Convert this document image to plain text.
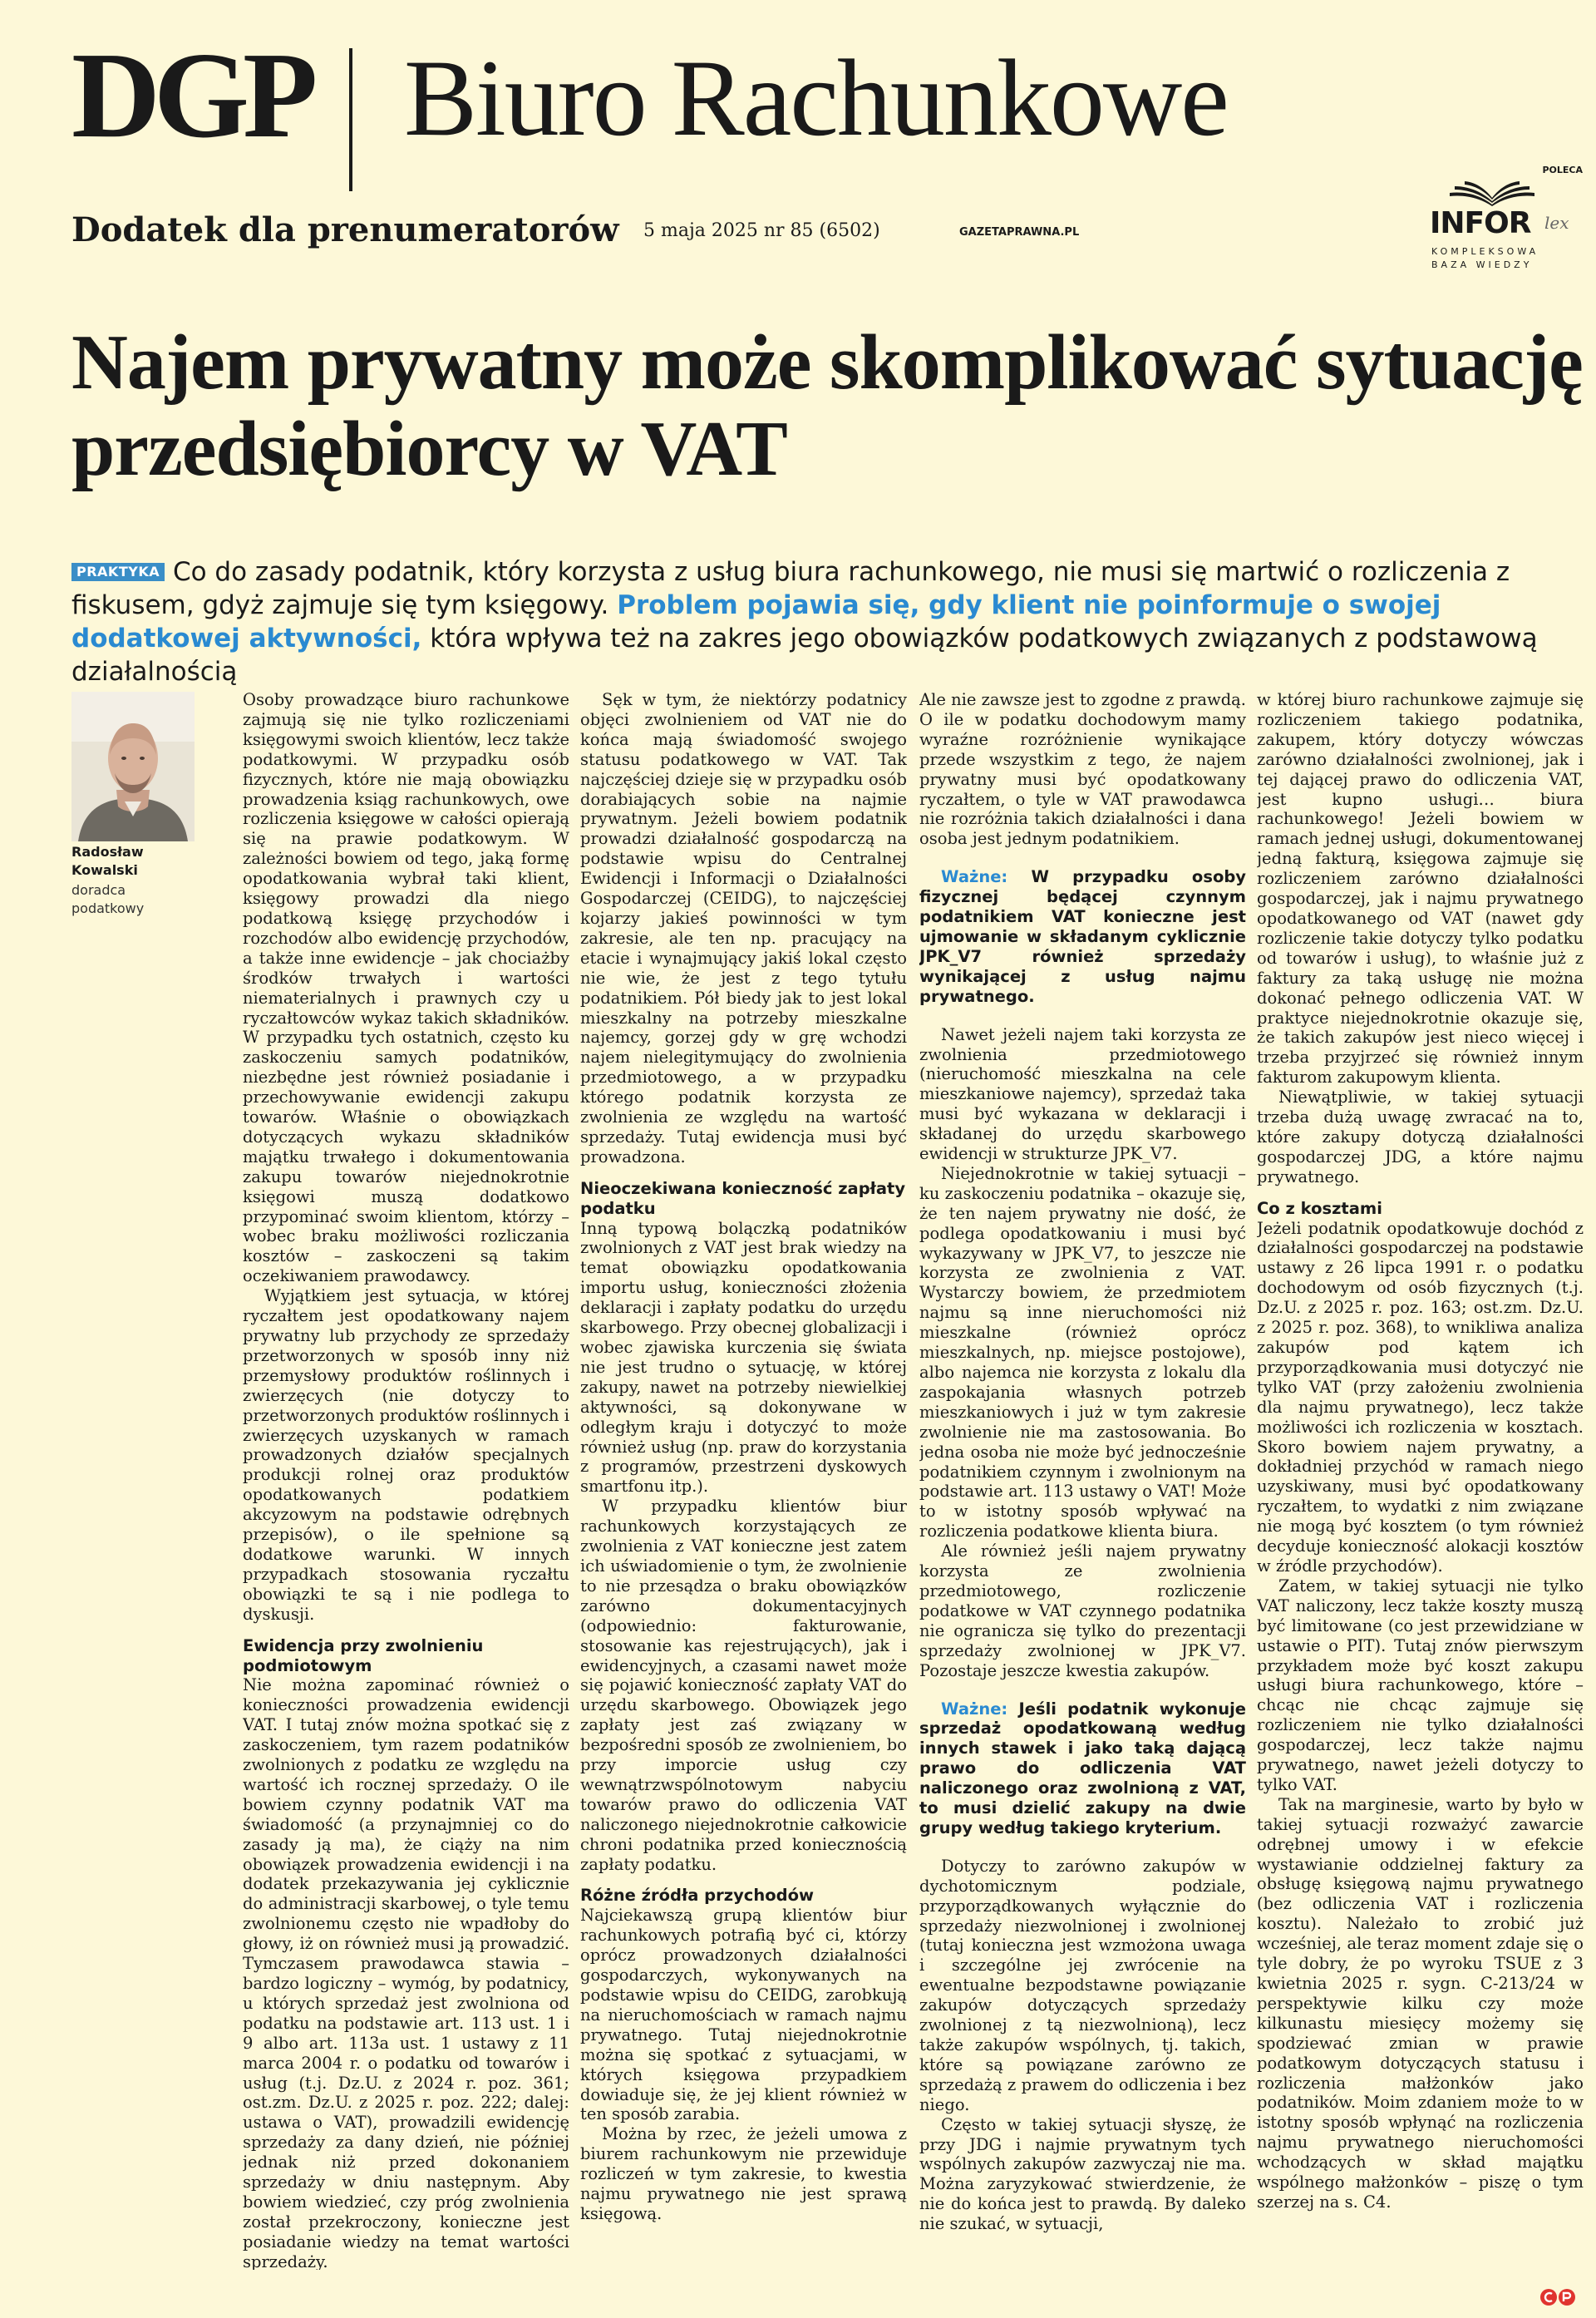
DGP Biuro Rachunkowe
Dodatek dla prenumeratorów 5 maja 2025 nr 85 (6502)	GAZETAPRAWNA.PL
POLECA
INFOR lex
KOMPLEKSOWA
BAZA WIEDZY
Najem prywatny może skomplikować sytuację przedsiębiorcy w VAT

PRAKTYKA Co do zasady podatnik, który korzysta z usług biura rachunkowego, nie musi się martwić o rozliczenia z fiskusem, gdyż zajmuje się tym księgowy. Problem pojawia się, gdy klient nie poinformuje o swojej dodatkowej aktywności, która wpływa też na zakres jego obowiązków podatkowych związanych z podstawową działalnością

Radosław Kowalski
doradca podatkowy

Osoby prowadzące biuro rachunkowe zajmują się nie tylko rozliczeniami księgowymi swoich klientów, lecz także podatkowymi. W przypadku osób fizycznych, które nie mają obowiązku prowadzenia ksiąg rachunkowych, owe rozliczenia księgowe w całości opierają się na prawie podatkowym. W zależności bowiem od tego, jaką formę opodatkowania wybrał taki klient, księgowy prowadzi dla niego podatkową księgę przychodów i rozchodów albo ewidencję przychodów, a także inne ewidencje – jak chociażby środków trwałych i wartości niematerialnych i prawnych czy u ryczałtowców wykaz takich składników. W przypadku tych ostatnich, często ku zaskoczeniu samych podatników, niezbędne jest również posiadanie i przechowywanie ewidencji zakupu towarów. Właśnie o obowiązkach dotyczących wykazu składników majątku trwałego i dokumentowania zakupu towarów niejednokrotnie księgowi muszą dodatkowo przypominać swoim klientom, którzy – wobec braku możliwości rozliczania kosztów – zaskoczeni są takim oczekiwaniem prawodawcy.

Wyjątkiem jest sytuacja, w której ryczałtem jest opodatkowany najem prywatny lub przychody ze sprzedaży przetworzonych w sposób inny niż przemysłowy produktów roślinnych i zwierzęcych (nie dotyczy to przetworzonych produktów roślinnych i zwierzęcych uzyskanych w ramach prowadzonych działów specjalnych produkcji rolnej oraz produktów opodatkowanych podatkiem akcyzowym na podstawie odrębnych przepisów), o ile spełnione są dodatkowe warunki. W innych przypadkach stosowania ryczałtu obowiązki te są i nie podlega to dyskusji.

Ewidencja przy zwolnieniu podmiotowym

Nie można zapominać również o konieczności prowadzenia ewidencji VAT. I tutaj znów można spotkać się z zaskoczeniem, tym razem podatników zwolnionych z podatku ze względu na wartość ich rocznej sprzedaży. O ile bowiem czynny podatnik VAT ma świadomość (a przynajmniej co do zasady ją ma), że ciąży na nim obowiązek prowadzenia ewidencji i na dodatek przekazywania jej cyklicznie do administracji skarbowej, o tyle temu zwolnionemu często nie wpadłoby do głowy, iż on również musi ją prowadzić. Tymczasem prawodawca stawia – bardzo logiczny – wymóg, by podatnicy, u których sprzedaż jest zwolniona od podatku na podstawie art. 113 ust. 1 i 9 albo art. 113a ust. 1 ustawy z 11 marca 2004 r. o podatku od towarów i usług (t.j. Dz.U. z 2024 r. poz. 361; ost.zm. Dz.U. z 2025 r. poz. 222; dalej: ustawa o VAT), prowadzili ewidencję sprzedaży za dany dzień, nie później jednak niż przed dokonaniem sprzedaży w dniu następnym. Aby bowiem wiedzieć, czy próg zwolnienia został przekroczony, konieczne jest posiadanie wiedzy na temat wartości sprzedaży.

Sęk w tym, że niektórzy podatnicy objęci zwolnieniem od VAT nie do końca mają świadomość swojego statusu podatkowego w VAT. Tak najczęściej dzieje się w przypadku osób dorabiających sobie na najmie prywatnym. Jeżeli bowiem podatnik prowadzi działalność gospodarczą na podstawie wpisu do Centralnej Ewidencji i Informacji o Działalności Gospodarczej (CEIDG), to najczęściej kojarzy jakieś powinności w tym zakresie, ale ten np. pracujący na etacie i wynajmujący jakiś lokal często nie wie, że jest z tego tytułu podatnikiem. Pół biedy jak to jest lokal mieszkalny na potrzeby mieszkalne najemcy, gorzej gdy w grę wchodzi najem nielegitymujący do zwolnienia przedmiotowego, a w przypadku którego podatnik korzysta ze zwolnienia ze względu na wartość sprzedaży. Tutaj ewidencja musi być prowadzona.

Nieoczekiwana konieczność zapłaty podatku

Inną typową bolączką podatników zwolnionych z VAT jest brak wiedzy na temat obowiązku opodatkowania importu usług, konieczności złożenia deklaracji i zapłaty podatku do urzędu skarbowego. Przy obecnej globalizacji i wobec zjawiska kurczenia się świata nie jest trudno o sytuację, w której zakupy, nawet na potrzeby niewielkiej aktywności, są dokonywane w odległym kraju i dotyczyć to może również usług (np. praw do korzystania z programów, przestrzeni dyskowych smartfonu itp.).

W przypadku klientów biur rachunkowych korzystających ze zwolnienia z VAT konieczne jest zatem ich uświadomienie o tym, że zwolnienie to nie przesądza o braku obowiązków zarówno dokumentacyjnych (odpowiednio: fakturowanie, stosowanie kas rejestrujących), jak i ewidencyjnych, a czasami nawet może się pojawić konieczność zapłaty VAT do urzędu skarbowego. Obowiązek jego zapłaty jest zaś związany w bezpośredni sposób ze zwolnieniem, bo przy imporcie usług czy wewnątrzwspólnotowym nabyciu towarów prawo do odliczenia VAT naliczonego niejednokrotnie całkowicie chroni podatnika przed koniecznością zapłaty podatku.

Różne źródła przychodów

Najciekawszą grupą klientów biur rachunkowych potrafią być ci, którzy oprócz prowadzonych działalności gospodarczych, wykonywanych na podstawie wpisu do CEIDG, zarobkują na nieruchomościach w ramach najmu prywatnego. Tutaj niejednokrotnie można się spotkać z sytuacjami, w których księgowa przypadkiem dowiaduje się, że jej klient również w ten sposób zarabia.

Można by rzec, że jeżeli umowa z biurem rachunkowym nie przewiduje rozliczeń w tym zakresie, to kwestia najmu prywatnego nie jest sprawą księgową.

Ale nie zawsze jest to zgodne z prawdą. O ile w podatku dochodowym mamy wyraźne rozróżnienie wynikające przede wszystkim z tego, że najem prywatny musi być opodatkowany ryczałtem, o tyle w VAT prawodawca nie rozróżnia takich działalności i dana osoba jest jednym podatnikiem.

Ważne: W przypadku osoby fizycznej będącej czynnym podatnikiem VAT konieczne jest ujmowanie w składanym cyklicznie JPK_V7 również sprzedaży wynikającej z usług najmu prywatnego.

Nawet jeżeli najem taki korzysta ze zwolnienia przedmiotowego (nieruchomość mieszkalna na cele mieszkaniowe najemcy), sprzedaż taka musi być wykazana w deklaracji i składanej do urzędu skarbowego ewidencji w strukturze JPK_V7.

Niejednokrotnie w takiej sytuacji – ku zaskoczeniu podatnika – okazuje się, że ten najem prywatny nie dość, że podlega opodatkowaniu i musi być wykazywany w JPK_V7, to jeszcze nie korzysta ze zwolnienia z VAT. Wystarczy bowiem, że przedmiotem najmu są inne nieruchomości niż mieszkalne (również oprócz mieszkalnych, np. miejsce postojowe), albo najemca nie korzysta z lokalu dla zaspokajania własnych potrzeb mieszkaniowych i już w tym zakresie zwolnienie nie ma zastosowania. Bo jedna osoba nie może być jednocześnie podatnikiem czynnym i zwolnionym na podstawie art. 113 ustawy o VAT! Może to w istotny sposób wpływać na rozliczenia podatkowe klienta biura.

Ale również jeśli najem prywatny korzysta ze zwolnienia przedmiotowego, rozliczenie podatkowe w VAT czynnego podatnika nie ogranicza się tylko do prezentacji sprzedaży zwolnionej w JPK_V7. Pozostaje jeszcze kwestia zakupów.

Ważne: Jeśli podatnik wykonuje sprzedaż opodatkowaną według innych stawek i jako taką dającą prawo do odliczenia VAT naliczonego oraz zwolnioną z VAT, to musi dzielić zakupy na dwie grupy według takiego kryterium.

Dotyczy to zarówno zakupów w dychotomicznym podziale, przyporządkowanych wyłącznie do sprzedaży niezwolnionej i zwolnionej (tutaj konieczna jest wzmożona uwaga i szczególne jej zwrócenie na ewentualne bezpodstawne powiązanie zakupów dotyczących sprzedaży zwolnionej z tą niezwolnioną), lecz także zakupów wspólnych, tj. takich, które są powiązane zarówno ze sprzedażą z prawem do odliczenia i bez niego.

Często w takiej sytuacji słyszę, że przy JDG i najmie prywatnym tych wspólnych zakupów zazwyczaj nie ma. Można zaryzykować stwierdzenie, że nie do końca jest to prawdą. By daleko nie szukać, w sytuacji,

w której biuro rachunkowe zajmuje się rozliczeniem takiego podatnika, zakupem, który dotyczy wówczas zarówno działalności zwolnionej, jak i tej dającej prawo do odliczenia VAT, jest kupno usługi… biura rachunkowego! Jeżeli bowiem w ramach jednej usługi, dokumentowanej jedną fakturą, księgowa zajmuje się rozliczeniem zarówno działalności gospodarczej, jak i najmu prywatnego opodatkowanego od VAT (nawet gdy rozliczenie takie dotyczy tylko podatku od towarów i usług), to właśnie już z faktury za taką usługę nie można dokonać pełnego odliczenia VAT. W praktyce niejednokrotnie okazuje się, że takich zakupów jest nieco więcej i trzeba przyjrzeć się również innym fakturom zakupowym klienta.

Niewątpliwie, w takiej sytuacji trzeba dużą uwagę zwracać na to, które zakupy dotyczą działalności gospodarczej JDG, a które najmu prywatnego.

Co z kosztami

Jeżeli podatnik opodatkowuje dochód z działalności gospodarczej na podstawie ustawy z 26 lipca 1991 r. o podatku dochodowym od osób fizycznych (t.j. Dz.U. z 2025 r. poz. 163; ost.zm. Dz.U. z 2025 r. poz. 368), to wnikliwa analiza zakupów pod kątem ich przyporządkowania musi dotyczyć nie tylko VAT (przy założeniu zwolnienia dla najmu prywatnego), lecz także możliwości ich rozliczenia w kosztach. Skoro bowiem najem prywatny, a dokładniej przychód w ramach niego uzyskiwany, musi być opodatkowany ryczałtem, to wydatki z nim związane nie mogą być kosztem (o tym również decyduje konieczność alokacji kosztów w źródle przychodów).

Zatem, w takiej sytuacji nie tylko VAT naliczony, lecz także koszty muszą być limitowane (co jest przewidziane w ustawie o PIT). Tutaj znów pierwszym przykładem może być koszt zakupu usługi biura rachunkowego, które – chcąc nie chcąc zajmuje się rozliczeniem nie tylko działalności gospodarczej, lecz także najmu prywatnego, nawet jeżeli dotyczy to tylko VAT.

Tak na marginesie, warto by było w takiej sytuacji rozważyć zawarcie odrębnej umowy i w efekcie wystawianie oddzielnej faktury za obsługę księgową najmu prywatnego (bez odliczenia VAT i rozliczenia kosztu). Należało to zrobić już wcześniej, ale teraz moment zdaje się o tyle dobry, że po wyroku TSUE z 3 kwietnia 2025 r. sygn. C-213/24 w perspektywie kilku czy może kilkunastu miesięcy możemy się spodziewać zmian w prawie podatkowym dotyczących statusu i rozliczenia małżonków jako podatników. Moim zdaniem może to w istotny sposób wpłynąć na rozliczenia najmu prywatnego nieruchomości wchodzących w skład majątku wspólnego małżonków – piszę o tym szerzej na s. C4.
